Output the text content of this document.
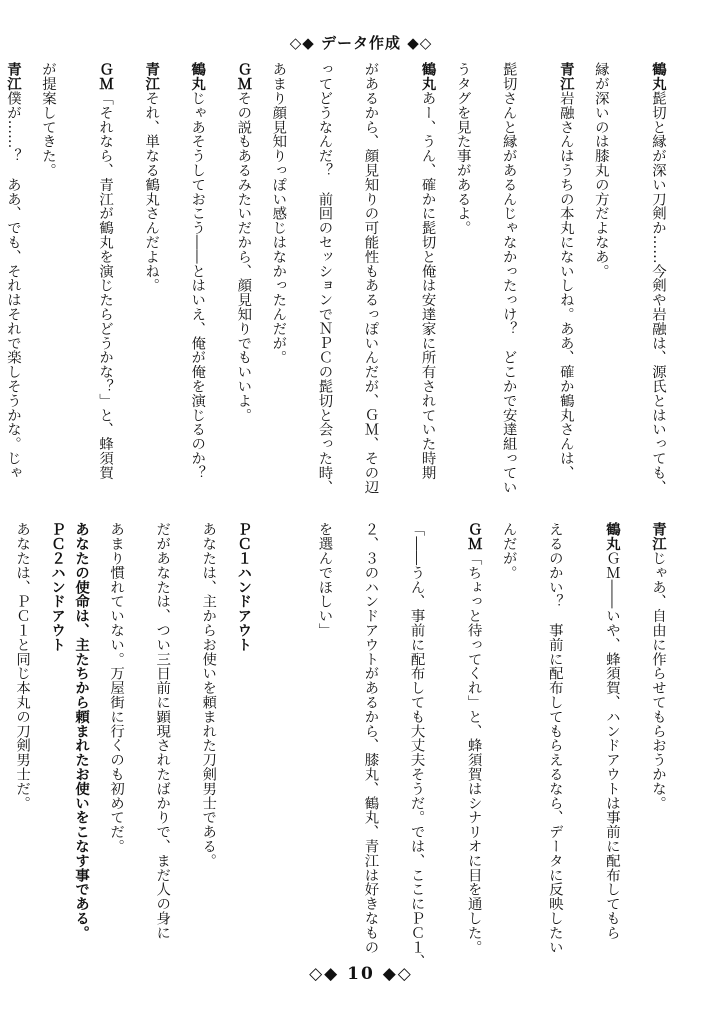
◇◆ データ作成 ◆◇
鶴丸髭切と縁が深い刀剣か……今剣や岩融は、源氏とはいっても、
縁が深いのは膝丸の方だよなあ。
青江岩融さんはうちの本丸にないしね。ああ、確か鶴丸さんは、
髭切さんと縁があるんじゃなかったっけ？　どこかで安達組ってい
うタグを見た事があるよ。
鶴丸あー、うん、確かに髭切と俺は安達家に所有されていた時期
があるから、顔見知りの可能性もあるっぽいんだが、ＧＭ、その辺
ってどうなんだ？　前回のセッションでＮＰＣの髭切と会った時、
あまり顔見知りっぽい感じはなかったんだが。
ＧＭその説もあるみたいだから、顔見知りでもいいよ。
鶴丸じゃあそうしておこう――とはいえ、俺が俺を演じるのか？
青江それ、単なる鶴丸さんだよね。
ＧＭ「それなら、青江が鶴丸を演じたらどうかな？」と、蜂須賀
が提案してきた。
青江僕が……？　ああ、でも、それはそれで楽しそうかな。じゃ
青江じゃあ、自由に作らせてもらおうかな。
鶴丸ＧＭ――いや、蜂須賀、ハンドアウトは事前に配布してもら
えるのかい？　事前に配布してもらえるなら、データに反映したい
んだが。
ＧＭ「ちょっと待ってくれ」と、蜂須賀はシナリオに目を通した。
「――うん、事前に配布しても大丈夫そうだ。では、ここにＰＣ１、
２、３のハンドアウトがあるから、膝丸、鶴丸、青江は好きなもの
を選んでほしい」
ＰＣ１ハンドアウト
あなたは、主からお使いを頼まれた刀剣男士である。
だがあなたは、つい三日前に顕現されたばかりで、まだ人の身に
あまり慣れていない。万屋街に行くのも初めてだ。
あなたの使命は、主たちから頼まれたお使いをこなす事である。
ＰＣ２ハンドアウト
あなたは、ＰＣ１と同じ本丸の刀剣男士だ。
◇◆ 10 ◆◇
